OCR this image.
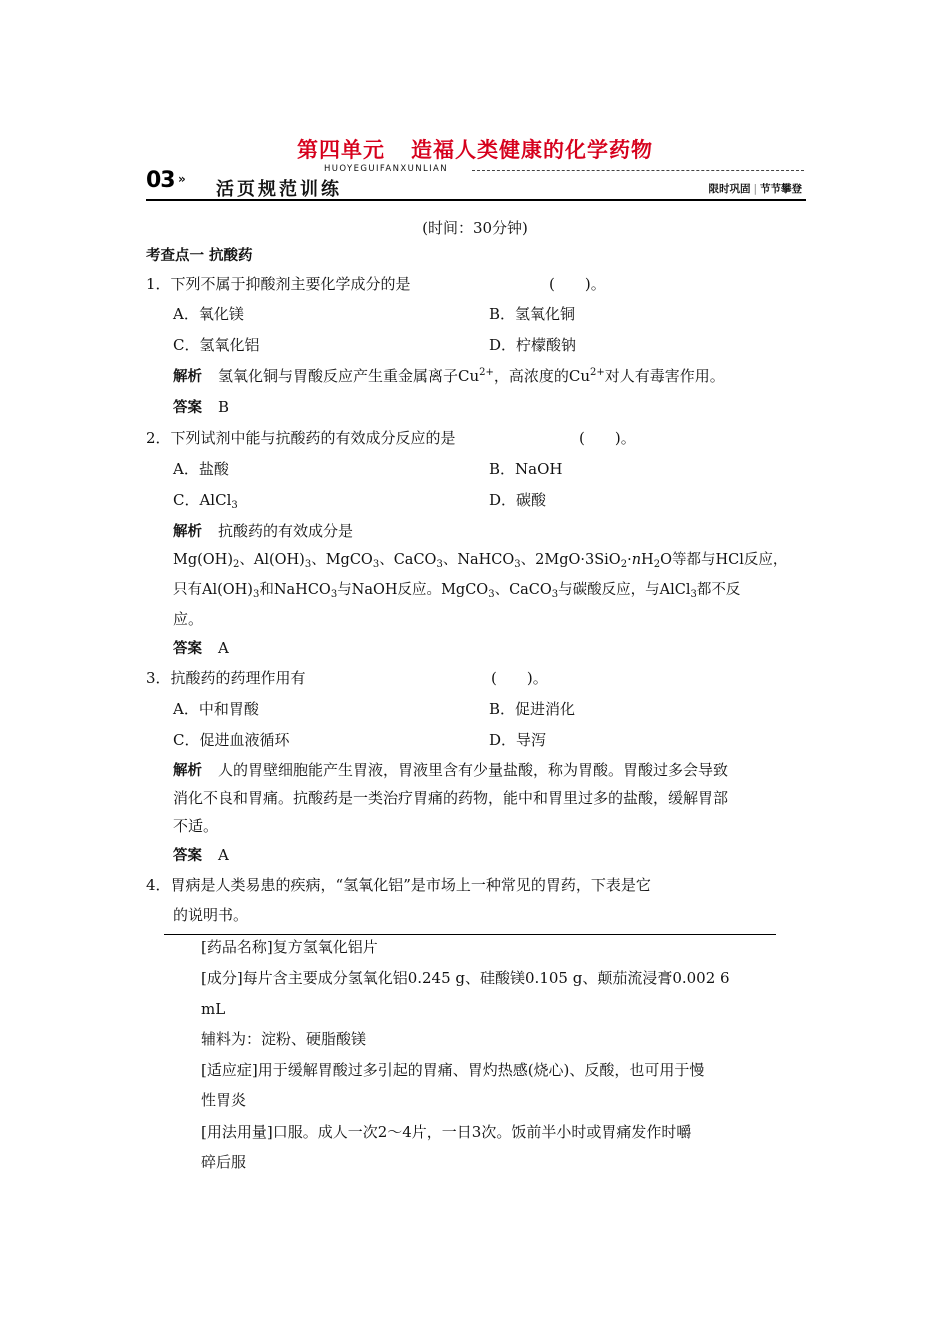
第四单元 造福人类健康的化学药物
03 »
HUOYEGUIFANXUNLIAN
活页规范训练	限时巩固 | 节节攀登
(时间：30分钟)
考查点一 抗酸药
1．下列不属于抑酸剂主要化学成分的是	(　　)。
A．氧化镁	B．氢氧化铜
C．氢氧化铝	D．柠檬酸钠
解析 氢氧化铜与胃酸反应产生重金属离子$Cu^{2+}$，高浓度的$Cu^{2+}$对人有毒害作用。
答案 B
2．下列试剂中能与抗酸药的有效成分反应的是	(　　)。
A．盐酸	B．NaOH
C．AlCl$_3$	D．碳酸
解析 抗酸药的有效成分是
$Mg(OH)_2$、$Al(OH)_3$、MgCO$_3$、CaCO$_3$、NaHCO$_3$、$2MgO\cdot 3SiO_2\cdot nH_2O$等都与HCl反应，
只有$Al(OH)_3$和NaHCO$_3$与NaOH反应。MgCO$_3$、CaCO$_3$与碳酸反应，与AlCl$_3$都不反
应。
答案 A
3．抗酸药的药理作用有	(　　)。
A．中和胃酸	B．促进消化
C．促进血液循环	D．导泻
解析 人的胃壁细胞能产生胃液，胃液里含有少量盐酸，称为胃酸。胃酸过多会导致
消化不良和胃痛。抗酸药是一类治疗胃痛的药物，能中和胃里过多的盐酸，缓解胃部
不适。
答案 A
4．胃病是人类易患的疾病，“氢氧化铝”是市场上一种常见的胃药，下表是它
的说明书。
[药品名称]复方氢氧化铝片
[成分]每片含主要成分氢氧化铝0.245 g、硅酸镁0.105 g、颠茄流浸膏0.002 6
mL
辅料为：淀粉、硬脂酸镁
[适应症]用于缓解胃酸过多引起的胃痛、胃灼热感(烧心)、反酸，也可用于慢
性胃炎
[用法用量]口服。成人一次2～4片，一日3次。饭前半小时或胃痛发作时嚼
碎后服
